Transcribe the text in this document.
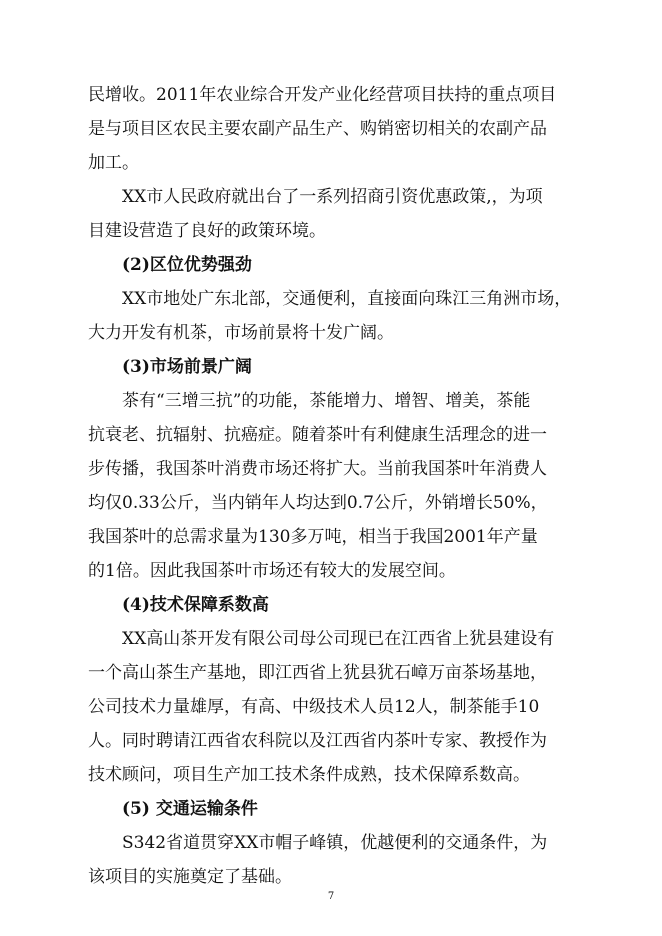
民增收。2011年农业综合开发产业化经营项目扶持的重点项目
是与项目区农民主要农副产品生产、购销密切相关的农副产品
加工。
XX市人民政府就出台了一系列招商引资优惠政策,，为项
目建设营造了良好的政策环境。
(2)区位优势强劲
XX市地处广东北部，交通便利，直接面向珠江三角洲市场，
大力开发有机茶，市场前景将十发广阔。
(3)市场前景广阔
茶有“三增三抗”的功能，茶能增力、增智、增美，茶能
抗衰老、抗辐射、抗癌症。随着茶叶有利健康生活理念的进一
步传播，我国茶叶消费市场还将扩大。当前我国茶叶年消费人
均仅0.33公斤，当内销年人均达到0.7公斤，外销增长50%，
我国茶叶的总需求量为130多万吨，相当于我国2001年产量
的1倍。因此我国茶叶市场还有较大的发展空间。
(4)技术保障系数高
XX高山茶开发有限公司母公司现已在江西省上犹县建设有
一个高山茶生产基地，即江西省上犹县犹石嶂万亩茶场基地，
公司技术力量雄厚，有高、中级技术人员12人，制茶能手10
人。同时聘请江西省农科院以及江西省内茶叶专家、教授作为
技术顾问，项目生产加工技术条件成熟，技术保障系数高。
(5) 交通运输条件
S342省道贯穿XX市帽子峰镇，优越便利的交通条件，为
该项目的实施奠定了基础。
7
